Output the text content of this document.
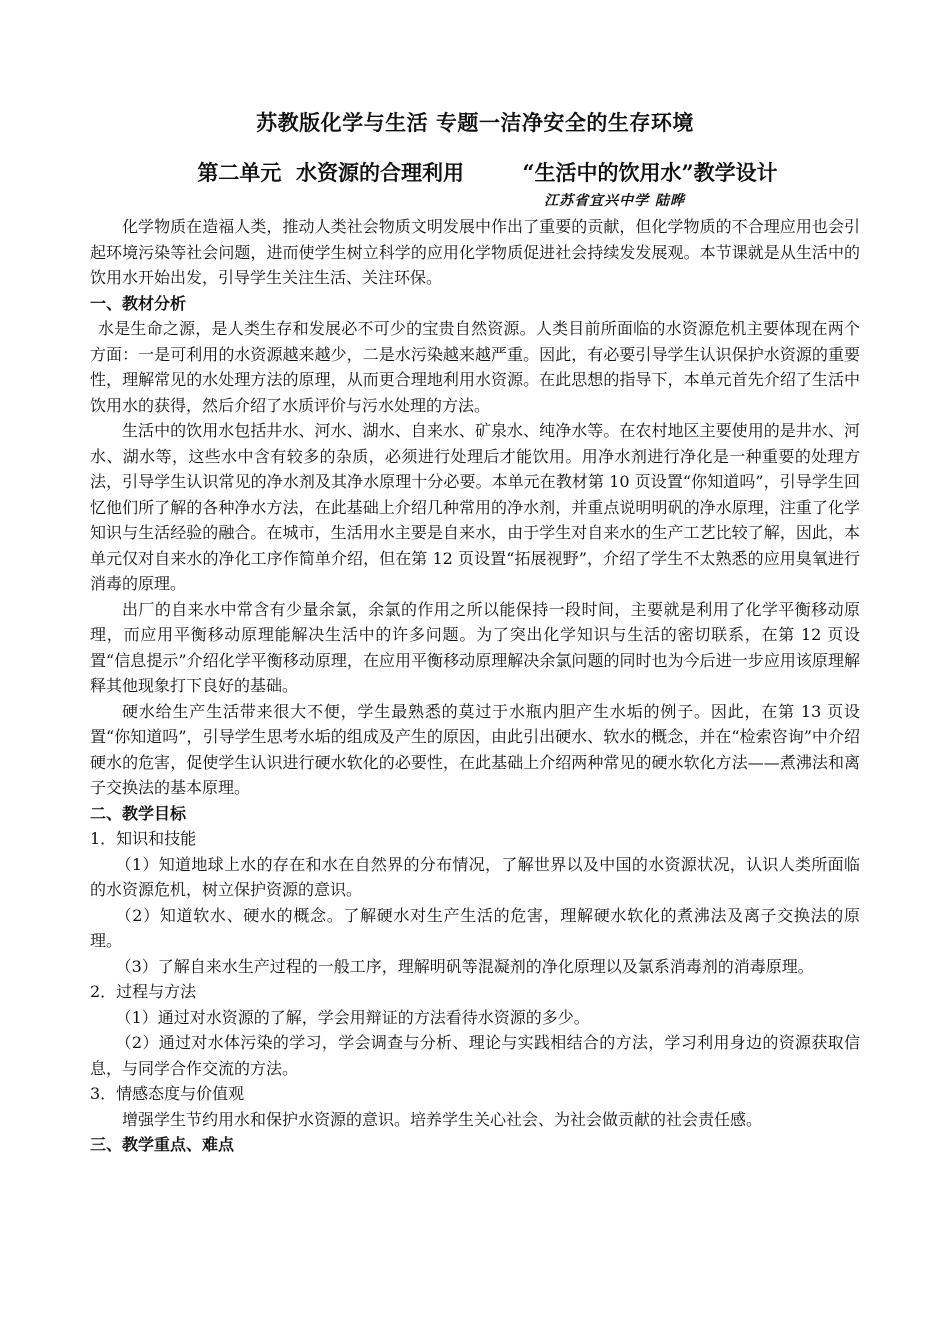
苏教版化学与生活 专题一洁净安全的生存环境
第二单元  水资源的合理利用        “生活中的饮用水”教学设计
江苏省宜兴中学 陆晔

化学物质在造福人类，推动人类社会物质文明发展中作出了重要的贡献，但化学物质的不合理应用也会引起环境污染等社会问题，进而使学生树立科学的应用化学物质促进社会持续发发展观。本节课就是从生活中的饮用水开始出发，引导学生关注生活、关注环保。

一、教材分析

水是生命之源，是人类生存和发展必不可少的宝贵自然资源。人类目前所面临的水资源危机主要体现在两个方面：一是可利用的水资源越来越少，二是水污染越来越严重。因此，有必要引导学生认识保护水资源的重要性，理解常见的水处理方法的原理，从而更合理地利用水资源。在此思想的指导下，本单元首先介绍了生活中饮用水的获得，然后介绍了水质评价与污水处理的方法。

生活中的饮用水包括井水、河水、湖水、自来水、矿泉水、纯净水等。在农村地区主要使用的是井水、河水、湖水等，这些水中含有较多的杂质，必须进行处理后才能饮用。用净水剂进行净化是一种重要的处理方法，引导学生认识常见的净水剂及其净水原理十分必要。本单元在教材第 10 页设置“你知道吗”，引导学生回忆他们所了解的各种净水方法，在此基础上介绍几种常用的净水剂，并重点说明明矾的净水原理，注重了化学知识与生活经验的融合。在城市，生活用水主要是自来水，由于学生对自来水的生产工艺比较了解，因此，本单元仅对自来水的净化工序作简单介绍，但在第 12 页设置“拓展视野”，介绍了学生不太熟悉的应用臭氧进行消毒的原理。

出厂的自来水中常含有少量余氯，余氯的作用之所以能保持一段时间，主要就是利用了化学平衡移动原理，而应用平衡移动原理能解决生活中的许多问题。为了突出化学知识与生活的密切联系，在第 12 页设置“信息提示”介绍化学平衡移动原理，在应用平衡移动原理解决余氯问题的同时也为今后进一步应用该原理解释其他现象打下良好的基础。

硬水给生产生活带来很大不便，学生最熟悉的莫过于水瓶内胆产生水垢的例子。因此，在第 13 页设置“你知道吗”，引导学生思考水垢的组成及产生的原因，由此引出硬水、软水的概念，并在“检索咨询”中介绍硬水的危害，促使学生认识进行硬水软化的必要性，在此基础上介绍两种常见的硬水软化方法——煮沸法和离子交换法的基本原理。

二、教学目标
1．知识和技能

（1）知道地球上水的存在和水在自然界的分布情况，了解世界以及中国的水资源状况，认识人类所面临的水资源危机，树立保护资源的意识。

（2）知道软水、硬水的概念。了解硬水对生产生活的危害，理解硬水软化的煮沸法及离子交换法的原理。

（3）了解自来水生产过程的一般工序，理解明矾等混凝剂的净化原理以及氯系消毒剂的消毒原理。

2．过程与方法

（1）通过对水资源的了解，学会用辩证的方法看待水资源的多少。

（2）通过对水体污染的学习，学会调查与分析、理论与实践相结合的方法，学习利用身边的资源获取信息，与同学合作交流的方法。

3．情感态度与价值观

增强学生节约用水和保护水资源的意识。培养学生关心社会、为社会做贡献的社会责任感。

三、教学重点、难点
